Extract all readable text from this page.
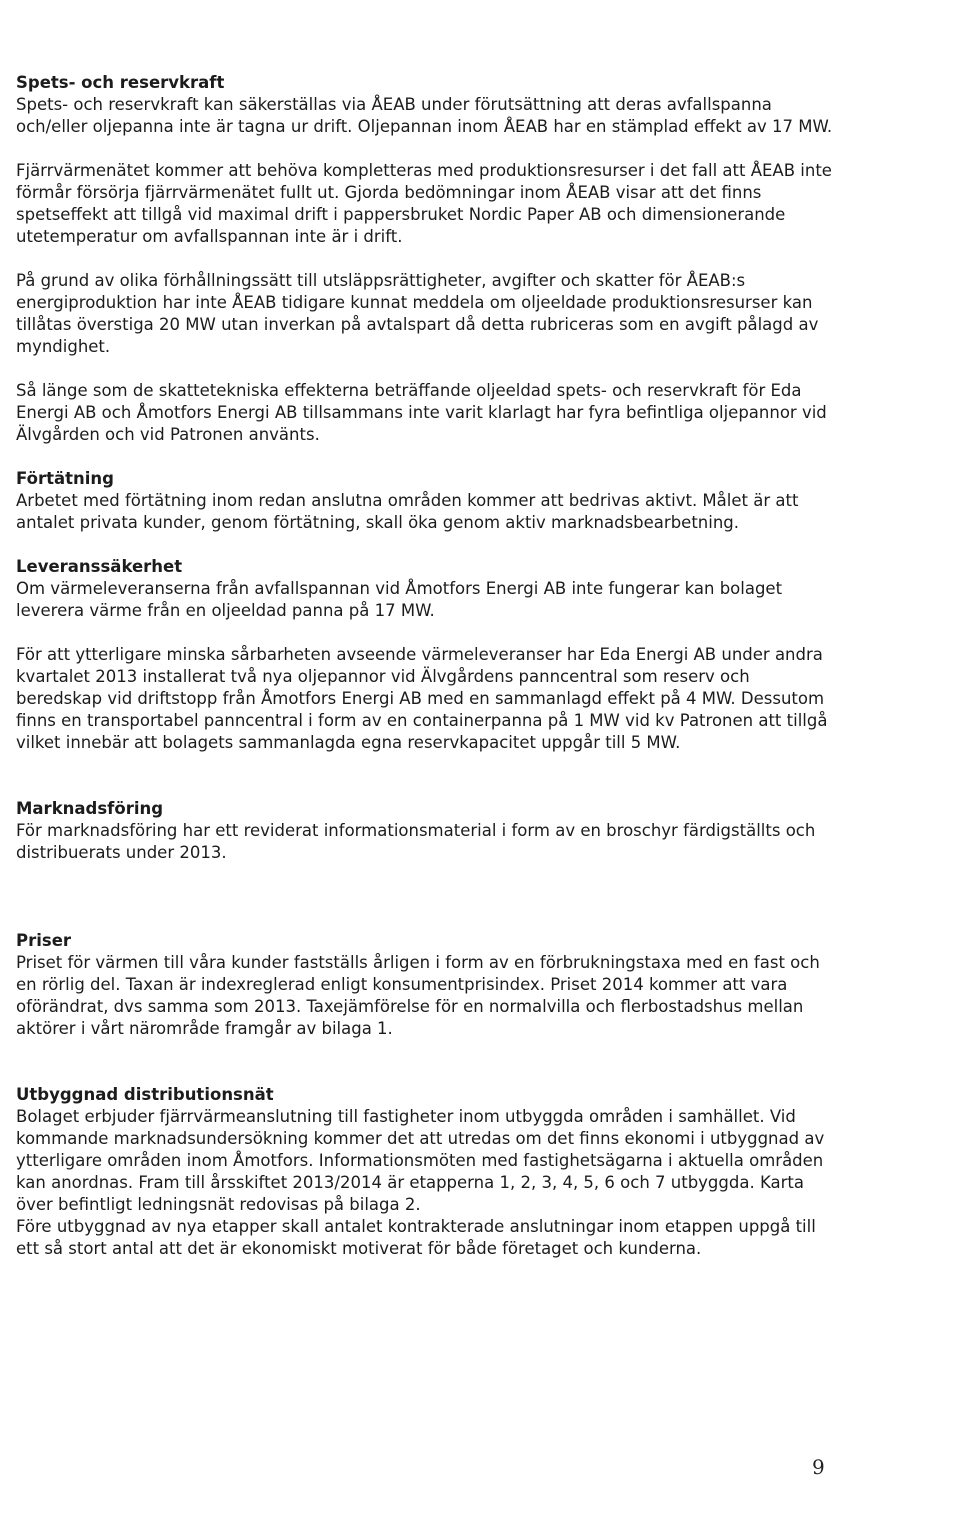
Spets- och reservkraft

Spets- och reservkraft kan säkerställas via ÅEAB under förutsättning att deras avfallspanna och/eller oljepanna inte är tagna ur drift. Oljepannan inom ÅEAB har en stämplad effekt av 17 MW.

Fjärrvärmenätet kommer att behöva kompletteras med produktionsresurser i det fall att ÅEAB inte förmår försörja fjärrvärmenätet fullt ut. Gjorda bedömningar inom ÅEAB visar att det finns spetseffekt att tillgå vid maximal drift i pappersbruket Nordic Paper AB och dimensionerande utetemperatur om avfallspannan inte är i drift.

På grund av olika förhållningssätt till utsläppsrättigheter, avgifter och skatter för ÅEAB:s energiproduktion har inte ÅEAB tidigare kunnat meddela om oljeeldade produktionsresurser kan tillåtas överstiga 20 MW utan inverkan på avtalspart då detta rubriceras som en avgift pålagd av myndighet.

Så länge som de skattetekniska effekterna beträffande oljeeldad spets- och reservkraft för Eda Energi AB och Åmotfors Energi AB tillsammans inte varit klarlagt har fyra befintliga oljepannor vid Älvgården och vid Patronen använts.

Förtätning

Arbetet med förtätning inom redan anslutna områden kommer att bedrivas aktivt. Målet är att antalet privata kunder, genom förtätning, skall öka genom aktiv marknadsbearbetning.

Leveranssäkerhet

Om värmeleveranserna från avfallspannan vid Åmotfors Energi AB inte fungerar kan bolaget leverera värme från en oljeeldad panna på 17 MW.

För att ytterligare minska sårbarheten avseende värmeleveranser har Eda Energi AB under andra kvartalet 2013 installerat två nya oljepannor vid Älvgårdens panncentral som reserv och beredskap vid driftstopp från Åmotfors Energi AB med en sammanlagd effekt på 4 MW. Dessutom finns en transportabel panncentral i form av en containerpanna på 1 MW vid kv Patronen att tillgå vilket innebär att bolagets sammanlagda egna reservkapacitet uppgår till 5 MW.

Marknadsföring

För marknadsföring har ett reviderat informationsmaterial i form av en broschyr färdigställts och distribuerats under 2013.

Priser

Priset för värmen till våra kunder fastställs årligen i form av en förbrukningstaxa med en fast och en rörlig del. Taxan är indexreglerad enligt konsumentprisindex. Priset 2014 kommer att vara oförändrat, dvs samma som 2013. Taxejämförelse för en normalvilla och flerbostadshus mellan aktörer i vårt närområde framgår av bilaga 1.

Utbyggnad distributionsnät

Bolaget erbjuder fjärrvärmeanslutning till fastigheter inom utbyggda områden i samhället. Vid kommande marknadsundersökning kommer det att utredas om det finns ekonomi i utbyggnad av ytterligare områden inom Åmotfors. Informationsmöten med fastighetsägarna i aktuella områden kan anordnas. Fram till årsskiftet 2013/2014 är etapperna 1, 2, 3, 4, 5, 6 och 7 utbyggda. Karta över befintligt ledningsnät redovisas på bilaga 2.

Före utbyggnad av nya etapper skall antalet kontrakterade anslutningar inom etappen uppgå till ett så stort antal att det är ekonomiskt motiverat för både företaget och kunderna.

9
